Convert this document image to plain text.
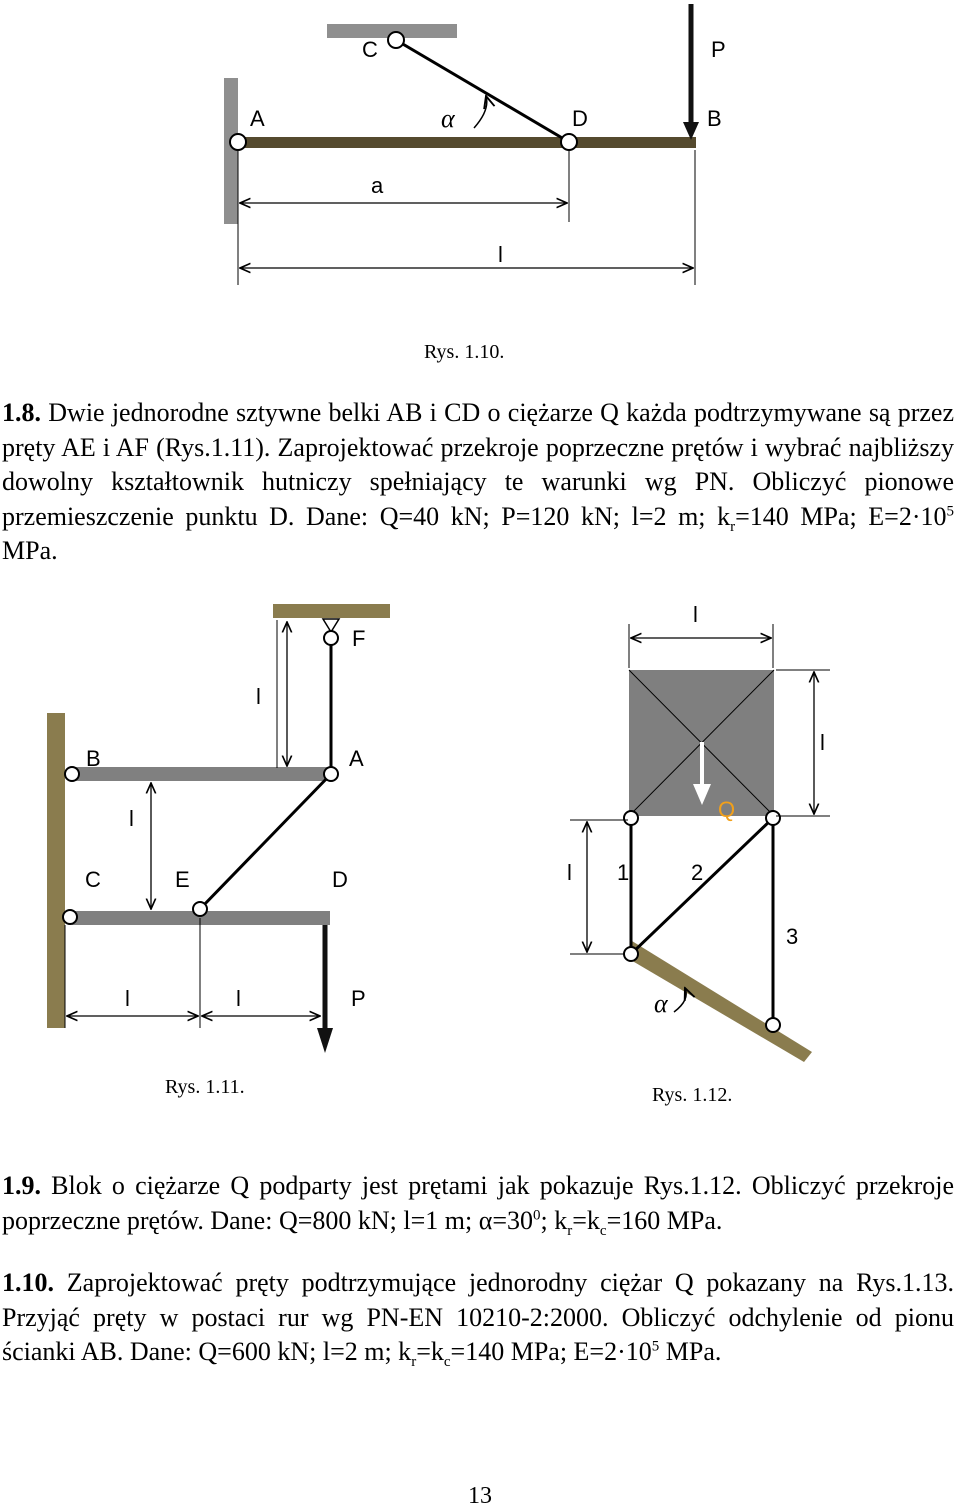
C
A	D	B
P
α
a
l
F
l
B	A
l
C	E	D
l	l	P
l
l
Q
l 1	2
3
α
Rys. 1.10.

1.8. Dwie jednorodne sztywne belki AB i CD o ciężarze Q każda podtrzymywane są przez pręty AE i AF (Rys.1.11). Zaprojektować przekroje poprzeczne prętów i wybrać najbliższy dowolny kształtownik hutniczy spełniający te warunki wg PN. Obliczyć pionowe przemieszczenie punktu D. Dane: Q=40 kN; P=120 kN; l=2 m; $k_r=140$ MPa; $E=2\cdot 10^5$ MPa.

Rys. 1.11.	Rys. 1.12.

1.9. Blok o ciężarze Q podparty jest prętami jak pokazuje Rys.1.12. Obliczyć przekroje poprzeczne prętów. Dane: Q=800 kN; l=1 m; $\alpha=30^0$; $k_r=k_c=160$ MPa.

1.10. Zaprojektować pręty podtrzymujące jednorodny ciężar Q pokazany na Rys.1.13. Przyjąć pręty w postaci rur wg PN-EN 10210-2:2000. Obliczyć odchylenie od pionu ścianki AB. Dane: Q=600 kN; l=2 m; $k_r=k_c=140$ MPa; $E=2\cdot 10^5$ MPa.

13
